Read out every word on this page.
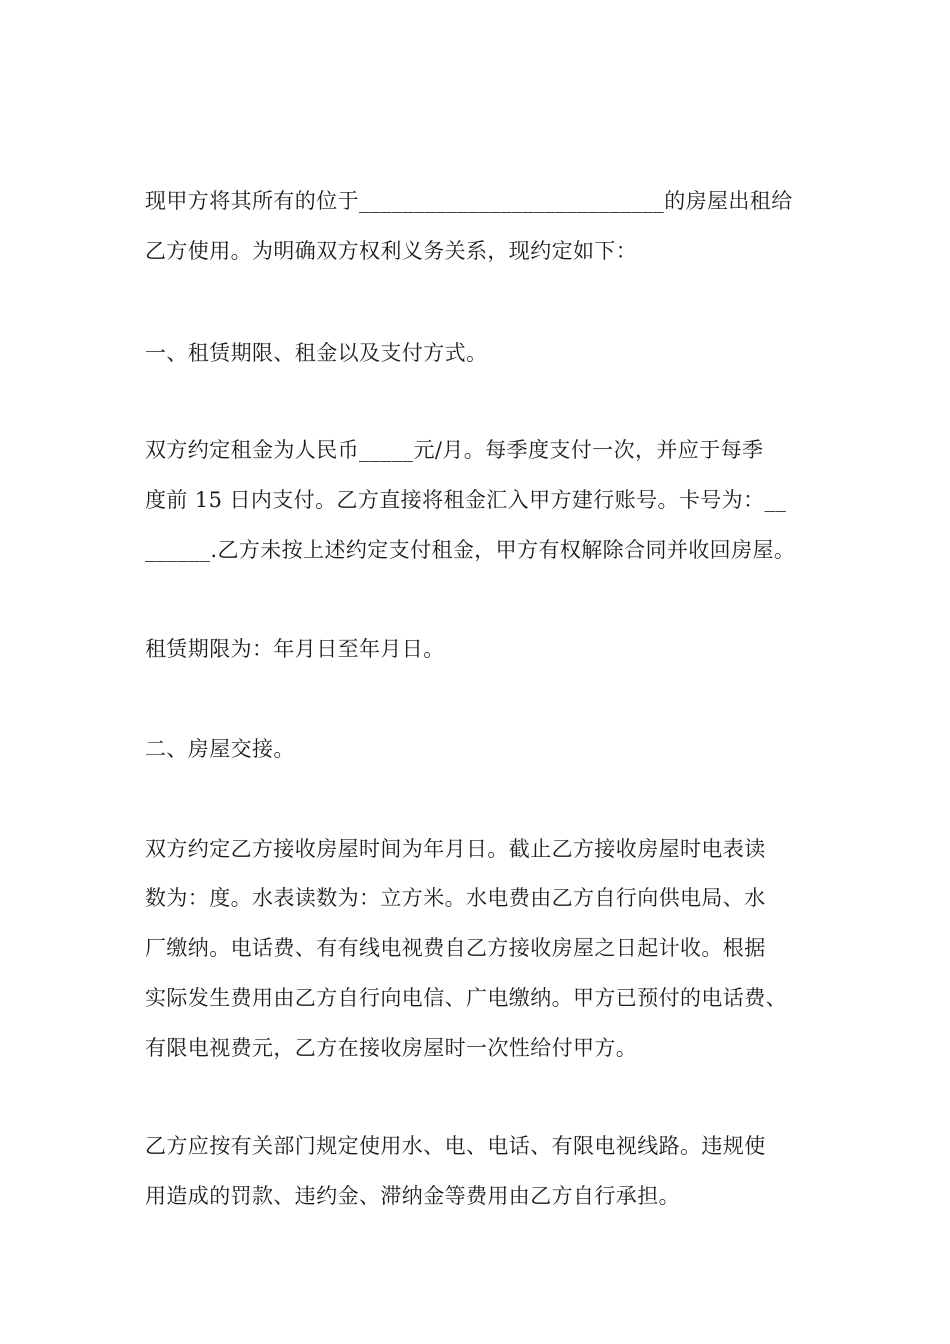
现甲方将其所有的位于____________________________的房屋出租给
乙方使用。为明确双方权利义务关系，现约定如下：
一、租赁期限、租金以及支付方式。
双方约定租金为人民币_____元/月。每季度支付一次，并应于每季
度前 15 日内支付。乙方直接将租金汇入甲方建行账号。卡号为：__
______.乙方未按上述约定支付租金，甲方有权解除合同并收回房屋。
租赁期限为：年月日至年月日。
二、房屋交接。
双方约定乙方接收房屋时间为年月日。截止乙方接收房屋时电表读
数为：度。水表读数为：立方米。水电费由乙方自行向供电局、水
厂缴纳。电话费、有有线电视费自乙方接收房屋之日起计收。根据
实际发生费用由乙方自行向电信、广电缴纳。甲方已预付的电话费、
有限电视费元，乙方在接收房屋时一次性给付甲方。
乙方应按有关部门规定使用水、电、电话、有限电视线路。违规使
用造成的罚款、违约金、滞纳金等费用由乙方自行承担。
